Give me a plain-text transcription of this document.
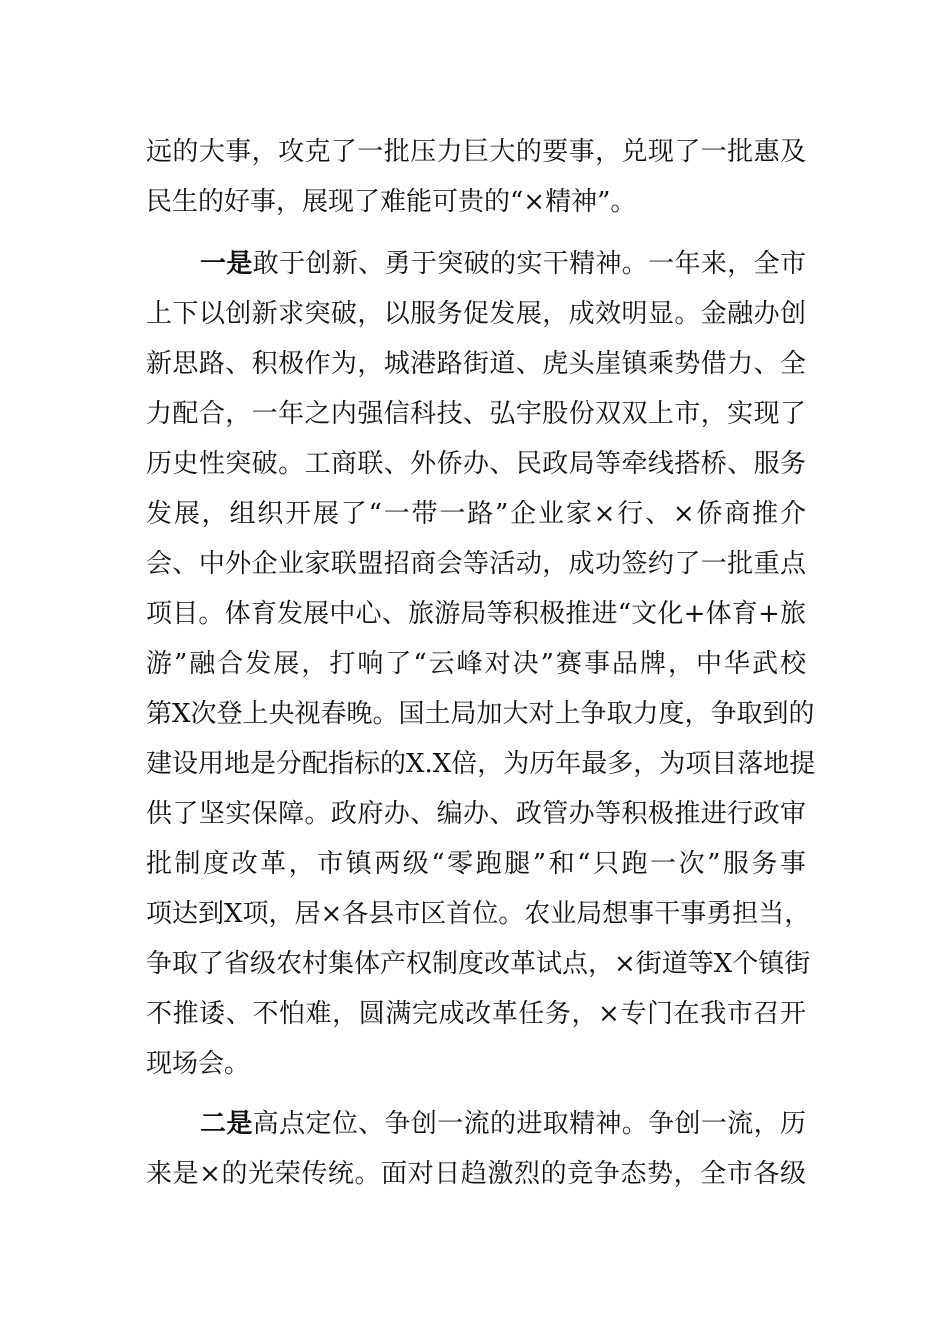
远的大事，攻克了一批压力巨大的要事，兑现了一批惠及
民生的好事，展现了难能可贵的“×精神”。
一是敢于创新、勇于突破的实干精神。一年来，全市
上下以创新求突破，以服务促发展，成效明显。金融办创
新思路、积极作为，城港路街道、虎头崖镇乘势借力、全
力配合，一年之内强信科技、弘宇股份双双上市，实现了
历史性突破。工商联、外侨办、民政局等牵线搭桥、服务
发展，组织开展了“一带一路”企业家×行、×侨商推介
会、中外企业家联盟招商会等活动，成功签约了一批重点
项目。体育发展中心、旅游局等积极推进“文化+体育+旅
游”融合发展，打响了“云峰对决”赛事品牌，中华武校
第X次登上央视春晚。国土局加大对上争取力度，争取到的
建设用地是分配指标的X.X倍，为历年最多，为项目落地提
供了坚实保障。政府办、编办、政管办等积极推进行政审
批制度改革，市镇两级“零跑腿”和“只跑一次”服务事
项达到X项，居×各县市区首位。农业局想事干事勇担当，
争取了省级农村集体产权制度改革试点，×街道等X个镇街
不推诿、不怕难，圆满完成改革任务，×专门在我市召开
现场会。
二是高点定位、争创一流的进取精神。争创一流，历
来是×的光荣传统。面对日趋激烈的竞争态势，全市各级
